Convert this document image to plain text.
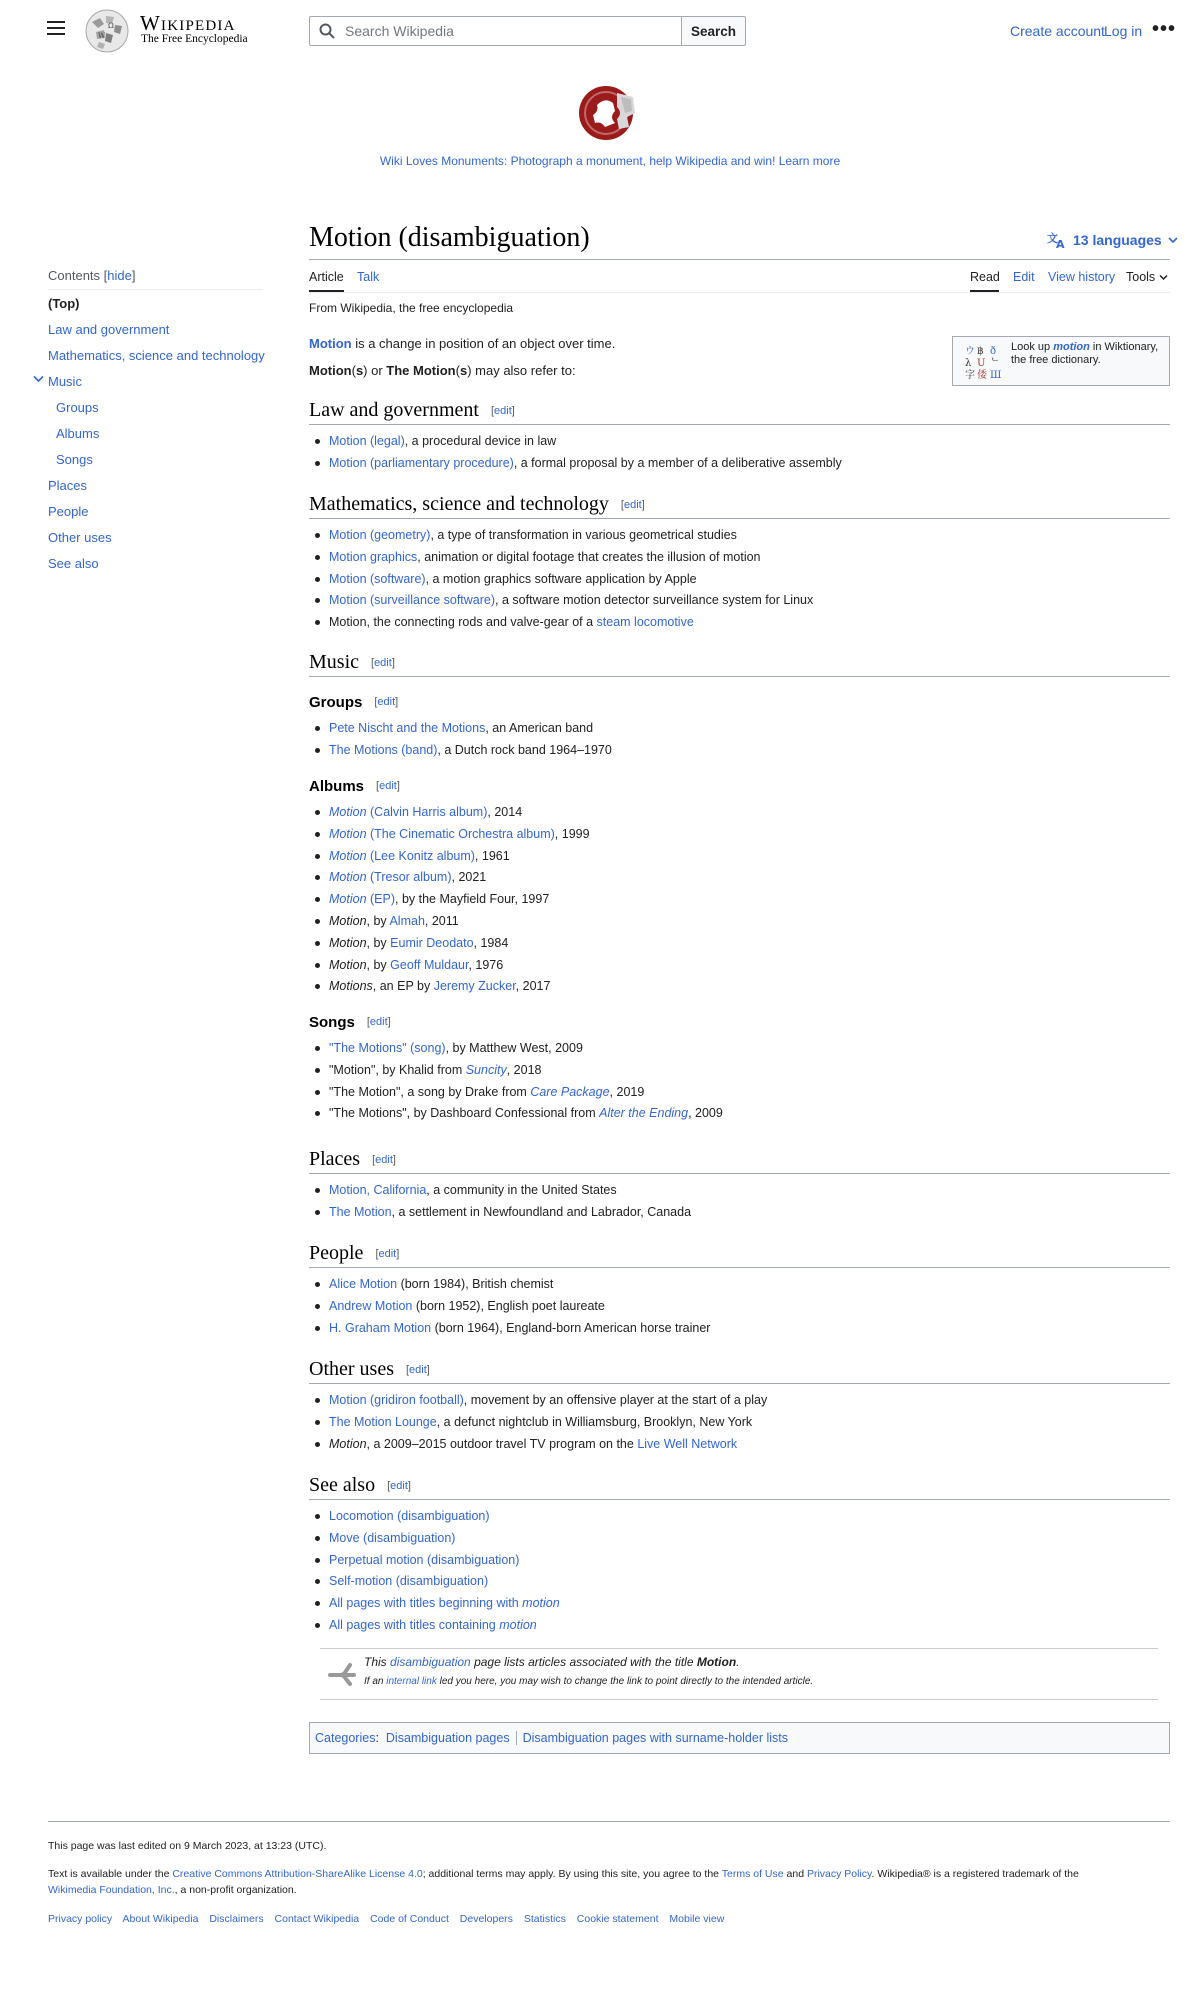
Ω
W
Wikipedia
The Free Encyclopedia
Search Wikipedia
Search	Create account Log in •••
Wiki Loves Monuments: Photograph a monument, help Wikipedia and win! Learn more
Motion (disambiguation)	文
A 13 languages
Article Talk	Read Edit View history Tools
Contents [hide]
(Top)
Law and government
Mathematics, science and technology
Music
Groups
Albums
Songs
Places
People
Other uses
See also
From Wikipedia, the free encyclopedia
Motion is a change in position of an object over time.
Motion(s) or The Motion(s) may also refer to:
ウ ฿ ð
λ U ᄂ
字 倭 Ш
Look up motion in Wiktionary, the free dictionary.
Law and government [edit]
Motion (legal), a procedural device in law
Motion (parliamentary procedure), a formal proposal by a member of a deliberative assembly
Mathematics, science and technology [edit]
Motion (geometry), a type of transformation in various geometrical studies
Motion graphics, animation or digital footage that creates the illusion of motion
Motion (software), a motion graphics software application by Apple
Motion (surveillance software), a software motion detector surveillance system for Linux
Motion, the connecting rods and valve-gear of a steam locomotive
Music [edit]
Groups [edit]
Pete Nischt and the Motions, an American band
The Motions (band), a Dutch rock band 1964–1970
Albums [edit]
Motion (Calvin Harris album), 2014
Motion (The Cinematic Orchestra album), 1999
Motion (Lee Konitz album), 1961
Motion (Tresor album), 2021
Motion (EP), by the Mayfield Four, 1997
Motion, by Almah, 2011
Motion, by Eumir Deodato, 1984
Motion, by Geoff Muldaur, 1976
Motions, an EP by Jeremy Zucker, 2017
Songs [edit]
"The Motions" (song), by Matthew West, 2009
"Motion", by Khalid from Suncity, 2018
"The Motion", a song by Drake from Care Package, 2019
"The Motions", by Dashboard Confessional from Alter the Ending, 2009
Places [edit]
Motion, California, a community in the United States
The Motion, a settlement in Newfoundland and Labrador, Canada
People [edit]
Alice Motion (born 1984), British chemist
Andrew Motion (born 1952), English poet laureate
H. Graham Motion (born 1964), England-born American horse trainer
Other uses [edit]
Motion (gridiron football), movement by an offensive player at the start of a play
The Motion Lounge, a defunct nightclub in Williamsburg, Brooklyn, New York
Motion, a 2009–2015 outdoor travel TV program on the Live Well Network
See also [edit]
Locomotion (disambiguation)
Move (disambiguation)
Perpetual motion (disambiguation)
Self-motion (disambiguation)
All pages with titles beginning with motion
All pages with titles containing motion
This disambiguation page lists articles associated with the title Motion.
If an internal link led you here, you may wish to change the link to point directly to the intended article.
Categories: Disambiguation pages Disambiguation pages with surname-holder lists
This page was last edited on 9 March 2023, at 13:23 (UTC).
Text is available under the Creative Commons Attribution-ShareAlike License 4.0; additional terms may apply. By using this site, you agree to the Terms of Use and Privacy Policy. Wikipedia® is a registered trademark of the
Wikimedia Foundation, Inc., a non-profit organization.
Privacy policy About Wikipedia Disclaimers Contact Wikipedia Code of Conduct Developers Statistics Cookie statement Mobile view
